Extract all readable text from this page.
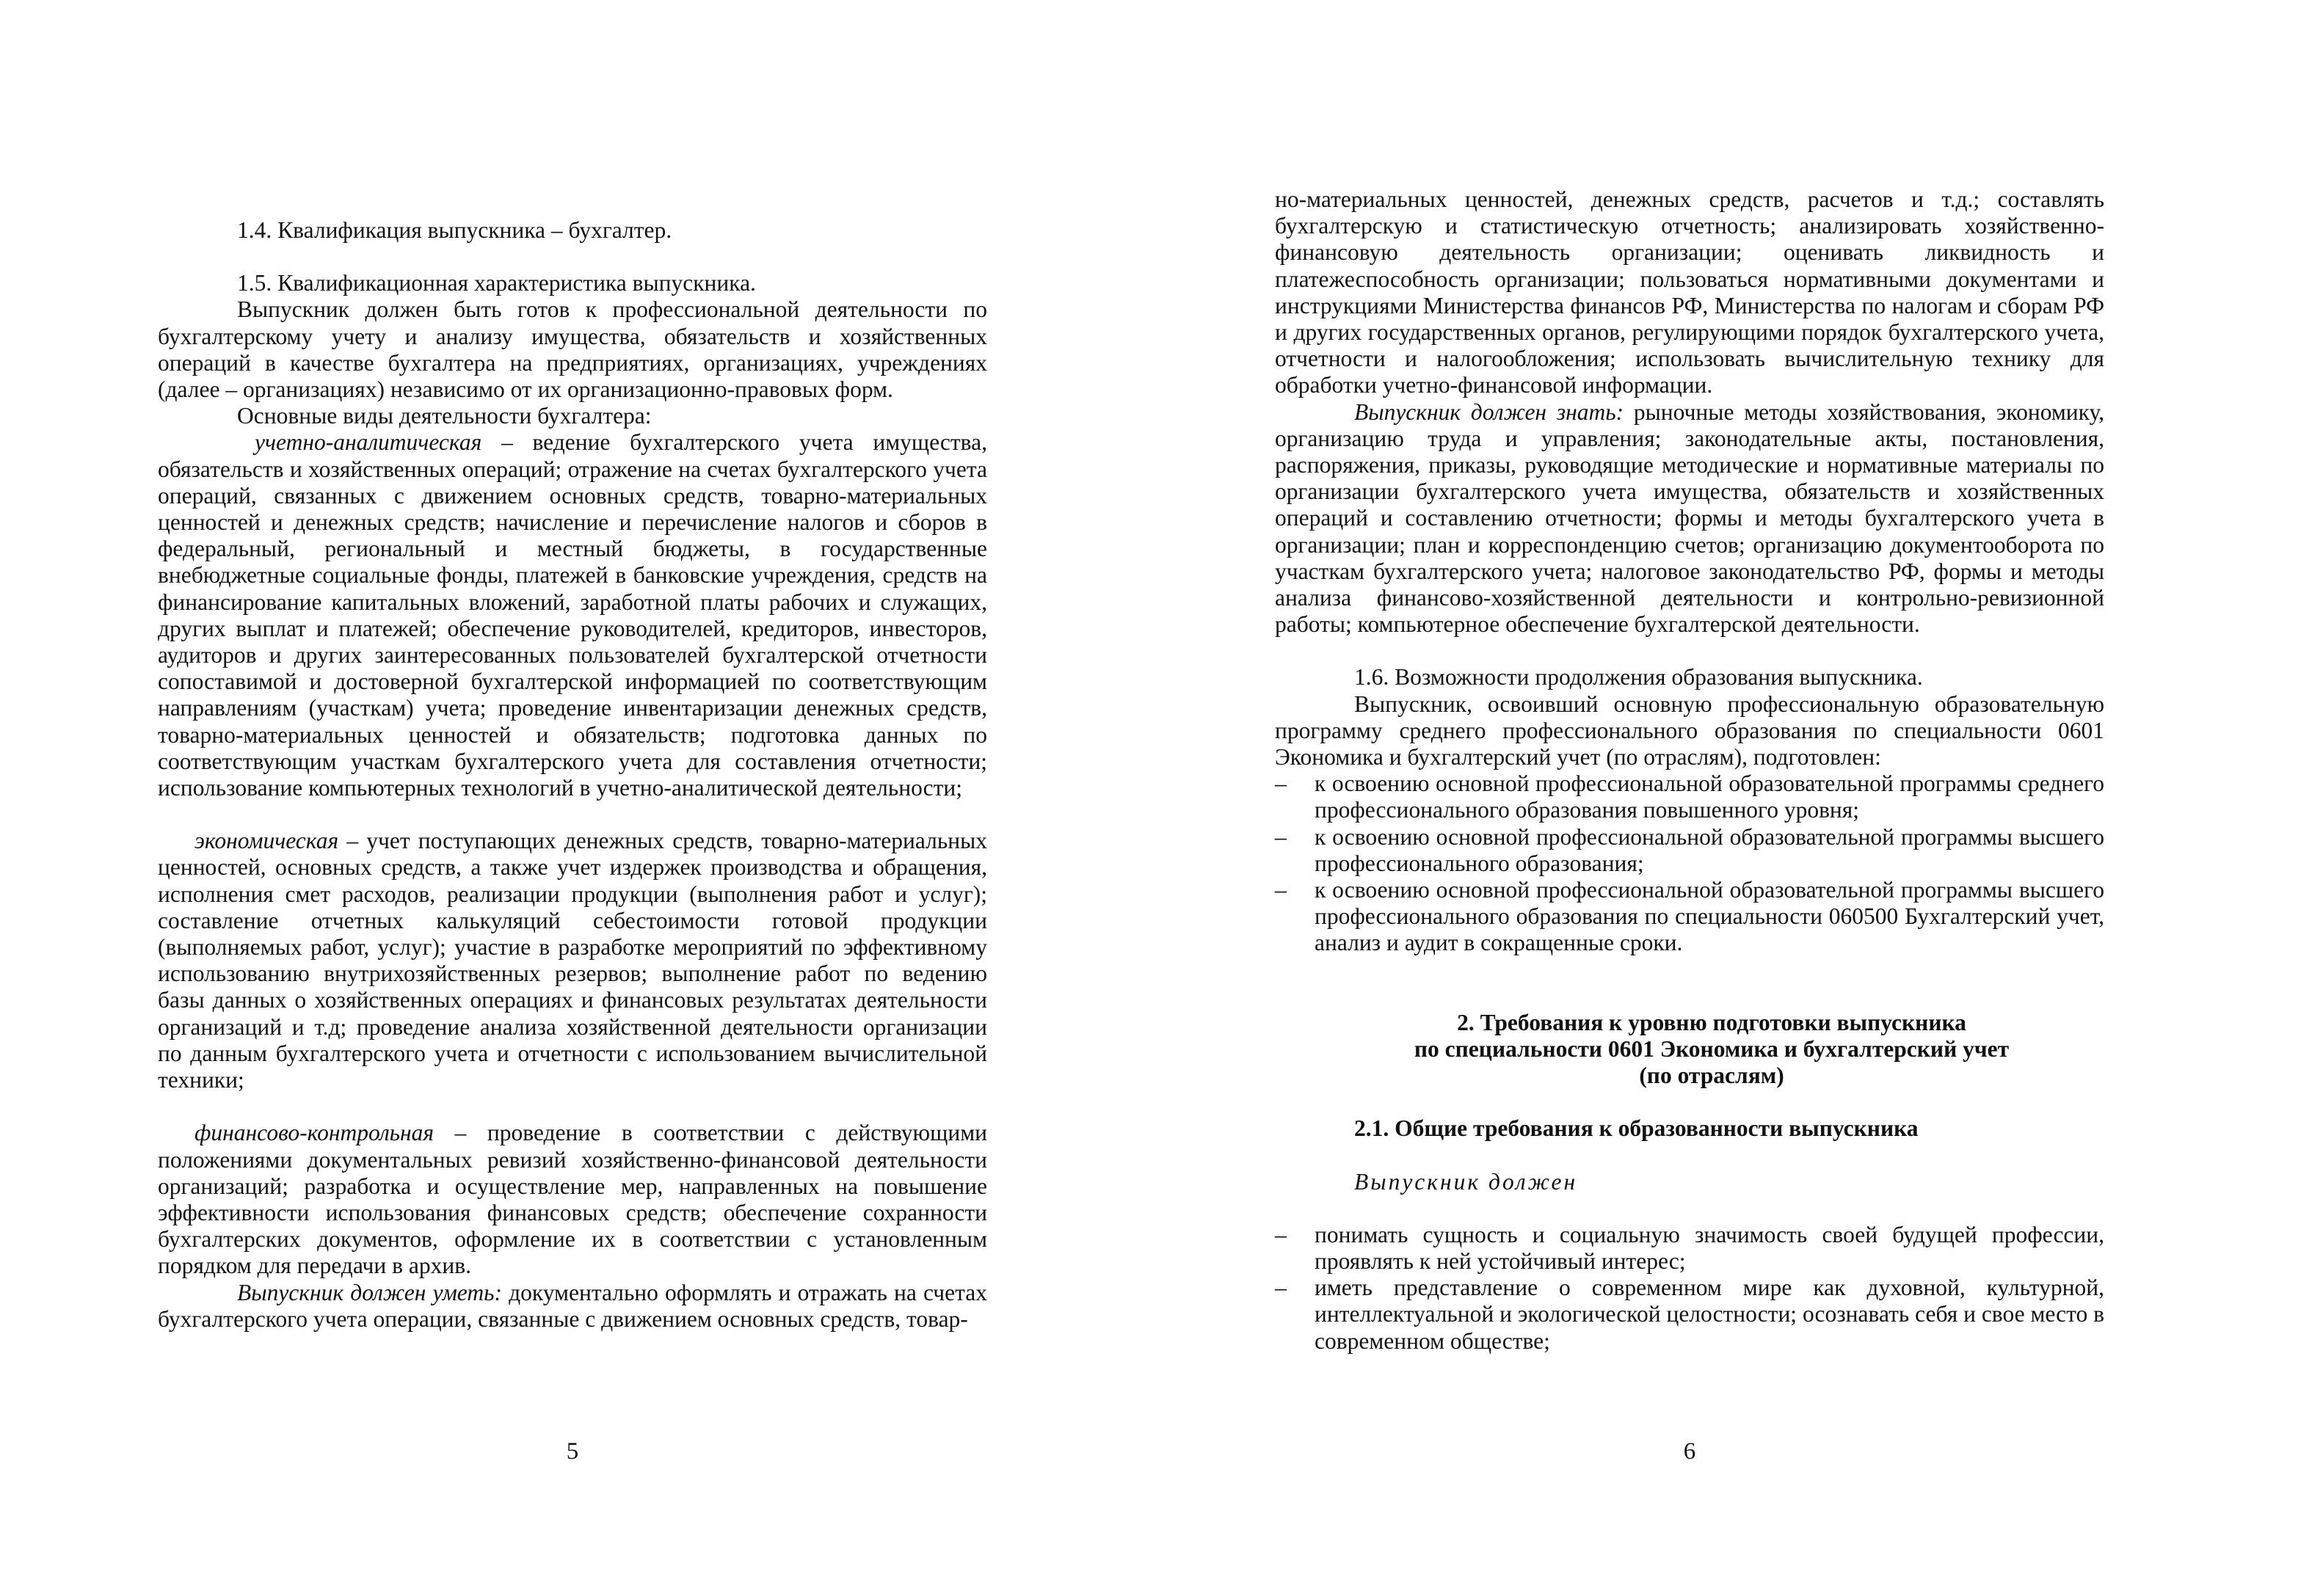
1.4. Квалификация выпускника – бухгалтер.

1.5. Квалификационная характеристика выпускника.

Выпускник должен быть готов к профессиональной деятельности по бухгалтерскому учету и анализу имущества, обязательств и хозяйственных операций в качестве бухгалтера на предприятиях, организациях, учреждениях (далее – организациях) независимо от их организационно-правовых форм.

Основные виды деятельности бухгалтера:

учетно-аналитическая – ведение бухгалтерского учета имущества, обязательств и хозяйственных операций; отражение на счетах бухгалтерского учета операций, связанных с движением основных средств, товарно-материальных ценностей и денежных средств; начисление и перечисление налогов и сборов в федеральный, региональный и местный бюджеты, в государственные внебюджетные социальные фонды, платежей в банковские учреждения, средств на финансирование капитальных вложений, заработной платы рабочих и служащих, других выплат и платежей; обеспечение руководителей, кредиторов, инвесторов, аудиторов и других заинтересованных пользователей бухгалтерской отчетности сопоставимой и достоверной бухгалтерской информацией по соответствующим направлениям (участкам) учета; проведение инвентаризации денежных средств, товарно-материальных ценностей и обязательств; подготовка данных по соответствующим участкам бухгалтерского учета для составления отчетности; использование компьютерных технологий в учетно-аналитической деятельности;

экономическая – учет поступающих денежных средств, товарно-материальных ценностей, основных средств, а также учет издержек производства и обращения, исполнения смет расходов, реализации продукции (выполнения работ и услуг); составление отчетных калькуляций себестоимости готовой продукции (выполняемых работ, услуг); участие в разработке мероприятий по эффективному использованию внутрихозяйственных резервов; выполнение работ по ведению базы данных о хозяйственных операциях и финансовых результатах деятельности организаций и т.д; проведение анализа хозяйственной деятельности организации по данным бухгалтерского учета и отчетности с использованием вычислительной техники;

финансово-контрольная – проведение в соответствии с действующими положениями документальных ревизий хозяйственно-финансовой деятельности организаций; разработка и осуществление мер, направленных на повышение эффективности использования финансовых средств; обеспечение сохранности бухгалтерских документов, оформление их в соответствии с установленным порядком для передачи в архив.

Выпускник должен уметь: документально оформлять и отражать на счетах бухгалтерского учета операции, связанные с движением основных средств, товар-

5

но-материальных ценностей, денежных средств, расчетов и т.д.; составлять бухгалтерскую и статистическую отчетность; анализировать хозяйственно-финансовую деятельность организации; оценивать ликвидность и платежеспособность организации; пользоваться нормативными документами и инструкциями Министерства финансов РФ, Министерства по налогам и сборам РФ и других государственных органов, регулирующими порядок бухгалтерского учета, отчетности и налогообложения; использовать вычислительную технику для обработки учетно-финансовой информации.

Выпускник должен знать: рыночные методы хозяйствования, экономику, организацию труда и управления; законодательные акты, постановления, распоряжения, приказы, руководящие методические и нормативные материалы по организации бухгалтерского учета имущества, обязательств и хозяйственных операций и составлению отчетности; формы и методы бухгалтерского учета в организации; план и корреспонденцию счетов; организацию документооборота по участкам бухгалтерского учета; налоговое законодательство РФ, формы и методы анализа финансово-хозяйственной деятельности и контрольно-ревизионной работы; компьютерное обеспечение бухгалтерской деятельности.

1.6. Возможности продолжения образования выпускника.

Выпускник, освоивший основную профессиональную образовательную программу среднего профессионального образования по специальности 0601 Экономика и бухгалтерский учет (по отраслям), подготовлен:

–	к освоению основной профессиональной образовательной программы среднего профессионального образования повышенного уровня;
–	к освоению основной профессиональной образовательной программы высшего профессионального образования;
–	к освоению основной профессиональной образовательной программы высшего профессионального образования по специальности 060500 Бухгалтерский учет, анализ и аудит в сокращенные сроки.
2. Требования к уровню подготовки выпускника
по специальности 0601 Экономика и бухгалтерский учет
(по отраслям)

2.1. Общие требования к образованности выпускника

Выпускник должен

–	понимать сущность и социальную значимость своей будущей профессии, проявлять к ней устойчивый интерес;
–	иметь представление о современном мире как духовной, культурной, интеллектуальной и экологической целостности; осознавать себя и свое место в современном обществе;
6
